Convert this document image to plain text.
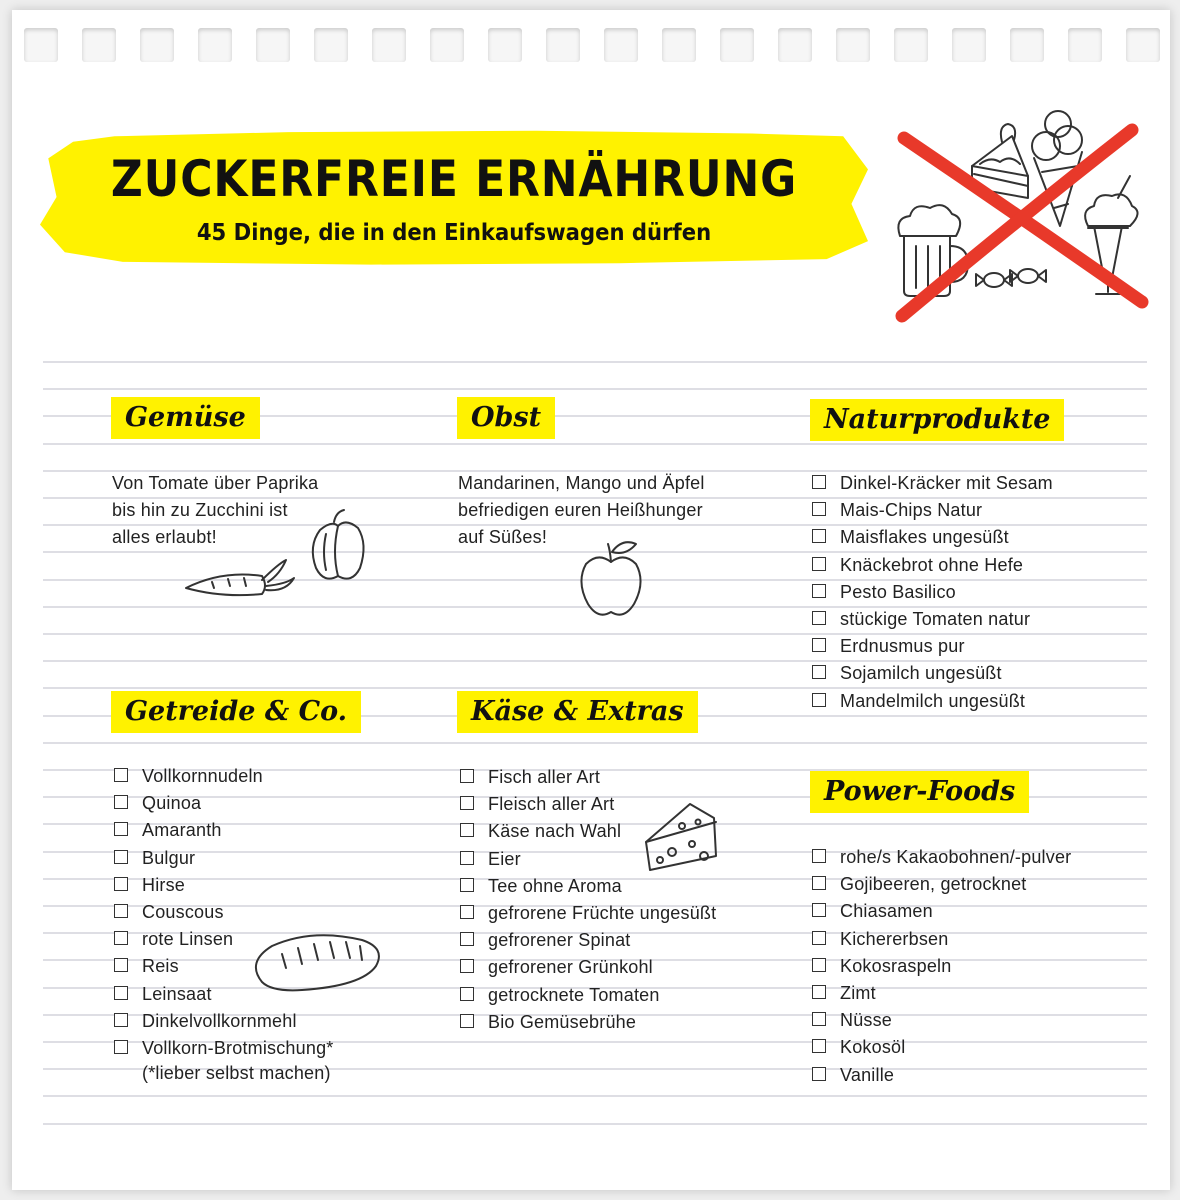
ZUCKERFREIE ERNÄHRUNG
45 Dinge, die in den Einkaufswagen dürfen
Gemüse
Von Tomate über Paprika
bis hin zu Zucchini ist
alles erlaubt!
Obst
Mandarinen, Mango und Äpfel
befriedigen euren Heißhunger
auf Süßes!
Naturprodukte
Dinkel-Kräcker mit Sesam
Mais-Chips Natur
Maisflakes ungesüßt
Knäckebrot ohne Hefe
Pesto Basilico
stückige Tomaten natur
Erdnusmus pur
Sojamilch ungesüßt
Mandelmilch ungesüßt
Getreide & Co.
Vollkornnudeln
Quinoa
Amaranth
Bulgur
Hirse
Couscous
rote Linsen
Reis
Leinsaat
Dinkelvollkornmehl
Vollkorn-Brotmischung*
(*lieber selbst machen)
Käse & Extras
Fisch aller Art
Fleisch aller Art
Käse nach Wahl
Eier
Tee ohne Aroma
gefrorene Früchte ungesüßt
gefrorener Spinat
gefrorener Grünkohl
getrocknete Tomaten
Bio Gemüsebrühe
Power-Foods
rohe/s Kakaobohnen/-pulver
Gojibeeren, getrocknet
Chiasamen
Kichererbsen
Kokosraspeln
Zimt
Nüsse
Kokosöl
Vanille
